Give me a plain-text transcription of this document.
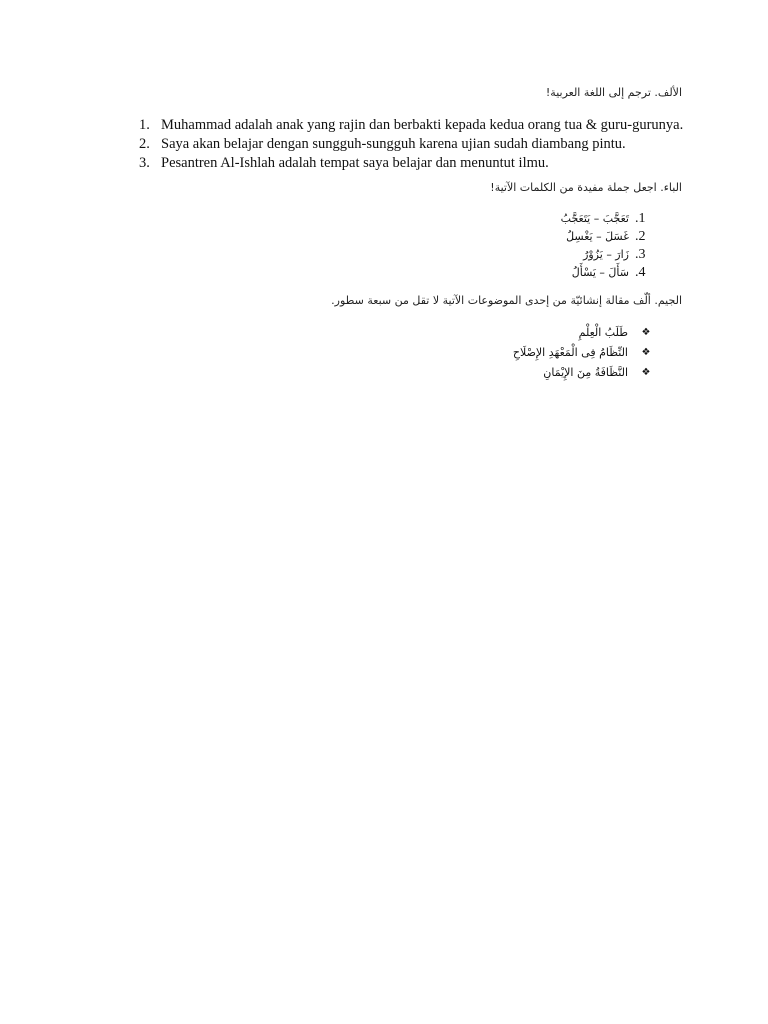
الألف. ترجم إلى اللغة العربية!
1. Muhammad adalah anak yang rajin dan berbakti kepada kedua orang tua & guru-gurunya.
2. Saya akan belajar dengan sungguh-sungguh karena ujian sudah diambang pintu.
3. Pesantren Al-Ishlah adalah tempat saya belajar dan menuntut ilmu.
الباء. اجعل جملة مفيدة من الكلمات الآتية!
تَعَجَّبَ – يَتَعَجَّبُ .1
غَسَلَ – يَغْسِلُ .2
زَارَ – يَزُوْرُ .3
سَأَلَ – يَسْأَلُ .4
الجيم. ألّف مقالة إنشائيّة من إحدى الموضوعات الآتية لا تقل من سبعة سطور.
طَلَبُ الْعِلْمِ ❖
النِّظَامُ فِى الْمَعْهَدِ الإِصْلَاحِ ❖
النَّظَافَةُ مِنَ الإِيْمَانِ ❖
